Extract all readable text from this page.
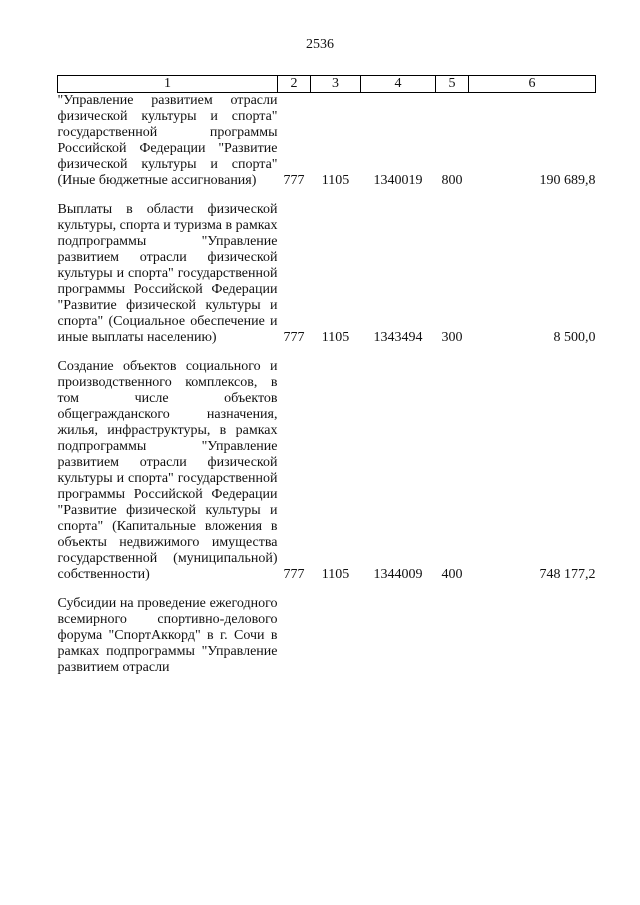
2536
1	2	3	4	5	6

"Управление развитием отрасли физической культуры и спорта" государственной программы Российской Федерации "Развитие физической культуры и спорта" (Иные бюджетные ассигнования)	777	1105	1340019	800	190 689,8

Выплаты в области физической культуры, спорта и туризма в рамках подпрограммы "Управление развитием отрасли физической культуры и спорта" государственной программы Российской Федерации "Развитие физической культуры и спорта" (Социальное обеспечение и иные выплаты населению)	777	1105	1343494	300	8 500,0

Создание объектов социального и производственного комплексов, в том числе объектов общегражданского назначения, жилья, инфраструктуры, в рамках подпрограммы "Управление развитием отрасли физической культуры и спорта" государственной программы Российской Федерации "Развитие физической культуры и спорта" (Капитальные вложения в объекты недвижимого имущества государственной (муниципальной) собственности)	777	1105	1344009	400	748 177,2

Субсидии на проведение ежегодного всемирного спортивно-делового форума "СпортАккорд" в г. Сочи в рамках подпрограммы "Управление развитием отрасли					
